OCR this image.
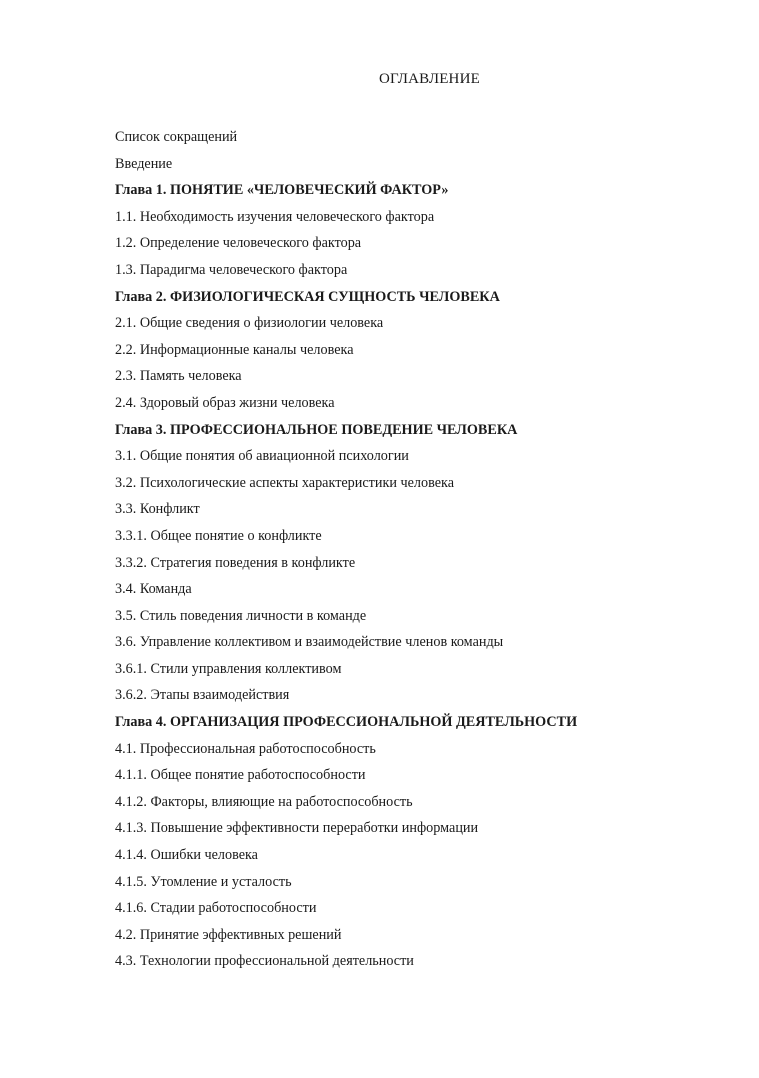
ОГЛАВЛЕНИЕ
Список сокращений
Введение
Глава 1. ПОНЯТИЕ «ЧЕЛОВЕЧЕСКИЙ ФАКТОР»
1.1. Необходимость изучения человеческого фактора
1.2. Определение человеческого фактора
1.3. Парадигма человеческого фактора
Глава 2. ФИЗИОЛОГИЧЕСКАЯ СУЩНОСТЬ ЧЕЛОВЕКА
2.1. Общие сведения о физиологии человека
2.2. Информационные каналы человека
2.3. Память человека
2.4. Здоровый образ жизни человека
Глава 3. ПРОФЕССИОНАЛЬНОЕ ПОВЕДЕНИЕ ЧЕЛОВЕКА
3.1. Общие понятия об авиационной психологии
3.2. Психологические аспекты характеристики человека
3.3. Конфликт
3.3.1. Общее понятие о конфликте
3.3.2. Стратегия поведения в конфликте
3.4. Команда
3.5. Стиль поведения личности в команде
3.6. Управление коллективом и взаимодействие членов команды
3.6.1. Стили управления коллективом
3.6.2. Этапы взаимодействия
Глава 4. ОРГАНИЗАЦИЯ ПРОФЕССИОНАЛЬНОЙ ДЕЯТЕЛЬНОСТИ
4.1. Профессиональная работоспособность
4.1.1. Общее понятие работоспособности
4.1.2. Факторы, влияющие на работоспособность
4.1.3. Повышение эффективности переработки информации
4.1.4. Ошибки человека
4.1.5. Утомление и усталость
4.1.6. Стадии работоспособности
4.2. Принятие эффективных решений
4.3. Технологии профессиональной деятельности
